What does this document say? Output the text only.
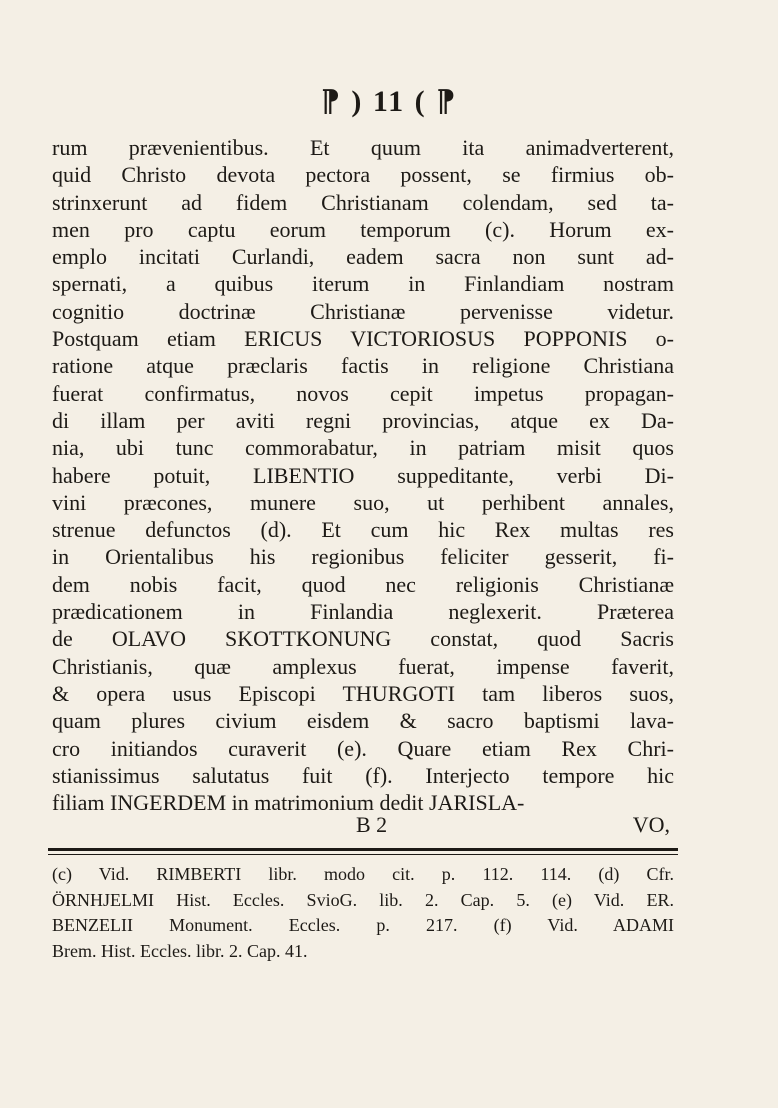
⁋ ) 11 ( ⁋
rum prævenientibus. Et quum ita animadverterent,
quid Christo devota pectora possent, se firmius ob-
strinxerunt ad fidem Christianam colendam, sed ta-
men pro captu eorum temporum (c). Horum ex-
emplo incitati Curlandi, eadem sacra non sunt ad-
spernati, a quibus iterum in Finlandiam nostram
cognitio doctrinæ Christianæ pervenisse videtur.
Postquam etiam ERICUS VICTORIOSUS POPPONIS o-
ratione atque præclaris factis in religione Christiana
fuerat confirmatus, novos cepit impetus propagan-
di illam per aviti regni provincias, atque ex Da-
nia, ubi tunc commorabatur, in patriam misit quos
habere potuit, LIBENTIO suppeditante, verbi Di-
vini præcones, munere suo, ut perhibent annales,
strenue defunctos (d). Et cum hic Rex multas res
in Orientalibus his regionibus feliciter gesserit, fi-
dem nobis facit, quod nec religionis Christianæ
prædicationem in Finlandia neglexerit. Præterea
de OLAVO SKOTTKONUNG constat, quod Sacris
Christianis, quæ amplexus fuerat, impense faverit,
& opera usus Episcopi THURGOTI tam liberos suos,
quam plures civium eisdem & sacro baptismi lava-
cro initiandos curaverit (e). Quare etiam Rex Chri-
stianissimus salutatus fuit (f). Interjecto tempore hic
filiam INGERDEM in matrimonium dedit JARISLA-
B 2	VO,
(c) Vid. RIMBERTI libr. modo cit. p. 112. 114. (d) Cfr.
ÖRNHJELMI Hist. Eccles. SvioG. lib. 2. Cap. 5. (e) Vid. ER.
BENZELII Monument. Eccles. p. 217. (f) Vid. ADAMI
Brem. Hist. Eccles. libr. 2. Cap. 41.
